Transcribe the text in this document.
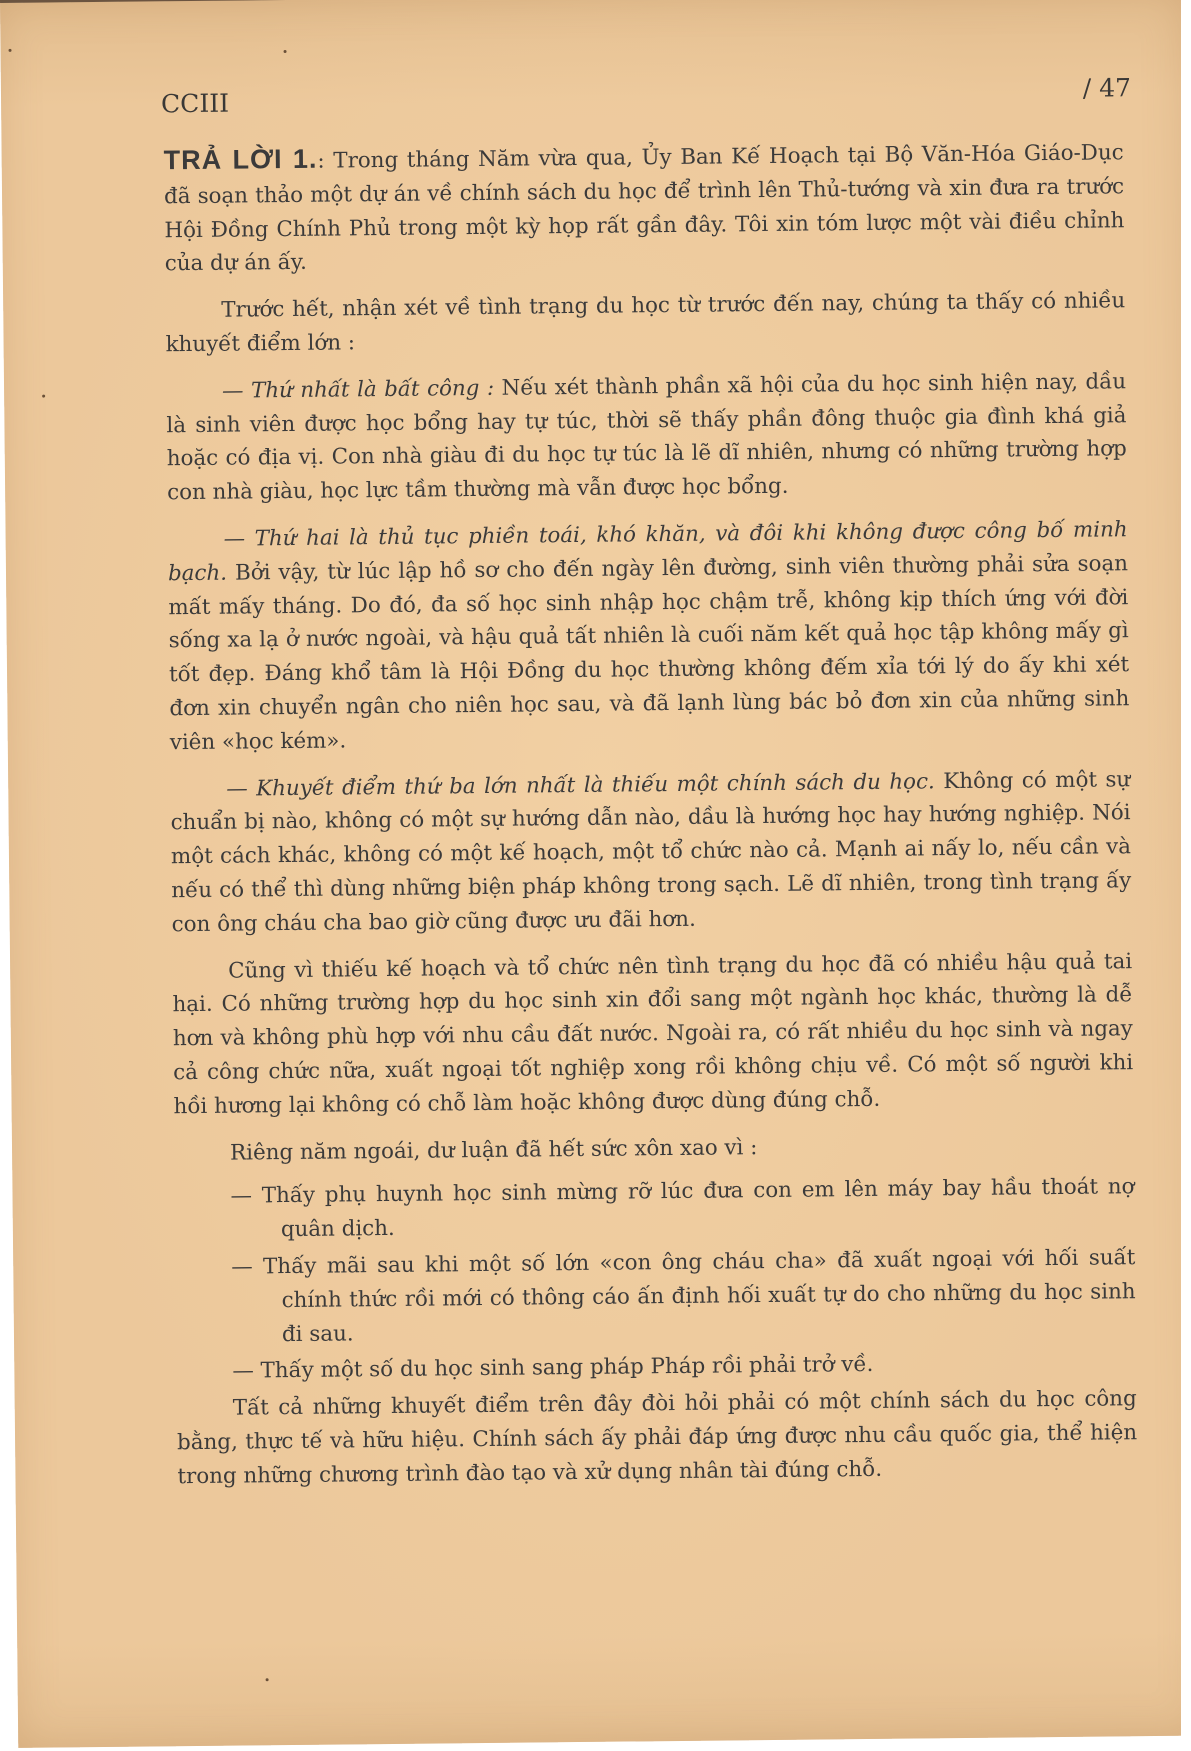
CCIII
/ 47

TRẢ LỜI 1.: Trong tháng Năm vừa qua, Ủy Ban Kế Hoạch tại Bộ Văn-Hóa Giáo-Dục đã soạn thảo một dự án về chính sách du học để trình lên Thủ-tướng và xin đưa ra trước Hội Đồng Chính Phủ trong một kỳ họp rất gần đây. Tôi xin tóm lược một vài điều chỉnh của dự án ấy.

Trước hết, nhận xét về tình trạng du học từ trước đến nay, chúng ta thấy có nhiều khuyết điểm lớn :

— Thứ nhất là bất công : Nếu xét thành phần xã hội của du học sinh hiện nay, dầu là sinh viên được học bổng hay tự túc, thời sẽ thấy phần đông thuộc gia đình khá giả hoặc có địa vị. Con nhà giàu đi du học tự túc là lẽ dĩ nhiên, nhưng có những trường hợp con nhà giàu, học lực tầm thường mà vẫn được học bổng.

— Thứ hai là thủ tục phiền toái, khó khăn, và đôi khi không được công bố minh bạch. Bởi vậy, từ lúc lập hồ sơ cho đến ngày lên đường, sinh viên thường phải sửa soạn mất mấy tháng. Do đó, đa số học sinh nhập học chậm trễ, không kịp thích ứng với đời sống xa lạ ở nước ngoài, và hậu quả tất nhiên là cuối năm kết quả học tập không mấy gì tốt đẹp. Đáng khổ tâm là Hội Đồng du học thường không đếm xỉa tới lý do ấy khi xét đơn xin chuyển ngân cho niên học sau, và đã lạnh lùng bác bỏ đơn xin của những sinh viên «học kém».

— Khuyết điểm thứ ba lớn nhất là thiếu một chính sách du học. Không có một sự chuẩn bị nào, không có một sự hướng dẫn nào, dầu là hướng học hay hướng nghiệp. Nói một cách khác, không có một kế hoạch, một tổ chức nào cả. Mạnh ai nấy lo, nếu cần và nếu có thể thì dùng những biện pháp không trong sạch. Lẽ dĩ nhiên, trong tình trạng ấy con ông cháu cha bao giờ cũng được ưu đãi hơn.

Cũng vì thiếu kế hoạch và tổ chức nên tình trạng du học đã có nhiều hậu quả tai hại. Có những trường hợp du học sinh xin đổi sang một ngành học khác, thường là dễ hơn và không phù hợp với nhu cầu đất nước. Ngoài ra, có rất nhiều du học sinh và ngay cả công chức nữa, xuất ngoại tốt nghiệp xong rồi không chịu về. Có một số người khi hồi hương lại không có chỗ làm hoặc không được dùng đúng chỗ.

Riêng năm ngoái, dư luận đã hết sức xôn xao vì :

— Thấy phụ huynh học sinh mừng rỡ lúc đưa con em lên máy bay hầu thoát nợ quân dịch.
— Thấy mãi sau khi một số lớn «con ông cháu cha» đã xuất ngoại với hối suất chính thức rồi mới có thông cáo ấn định hối xuất tự do cho những du học sinh đi sau.
— Thấy một số du học sinh sang pháp Pháp rồi phải trở về.

Tất cả những khuyết điểm trên đây đòi hỏi phải có một chính sách du học công bằng, thực tế và hữu hiệu. Chính sách ấy phải đáp ứng được nhu cầu quốc gia, thể hiện trong những chương trình đào tạo và xử dụng nhân tài đúng chỗ.
